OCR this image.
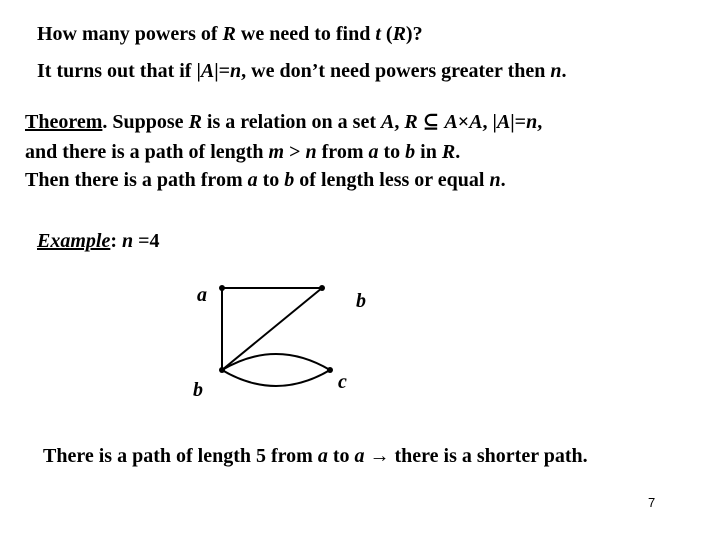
How many powers of R we need to find t (R)?
It turns out that if |A|=n, we don’t need powers greater then n.
Theorem. Suppose R is a relation on a set A, R ⊆ A×A, |A|=n,
and there is a path of length m > n from a to b in R.
Then there is a path from a to b of length less or equal n.
Example: n =4
a	b
b	c
There is a path of length 5 from a to a → there is a shorter path.
7
